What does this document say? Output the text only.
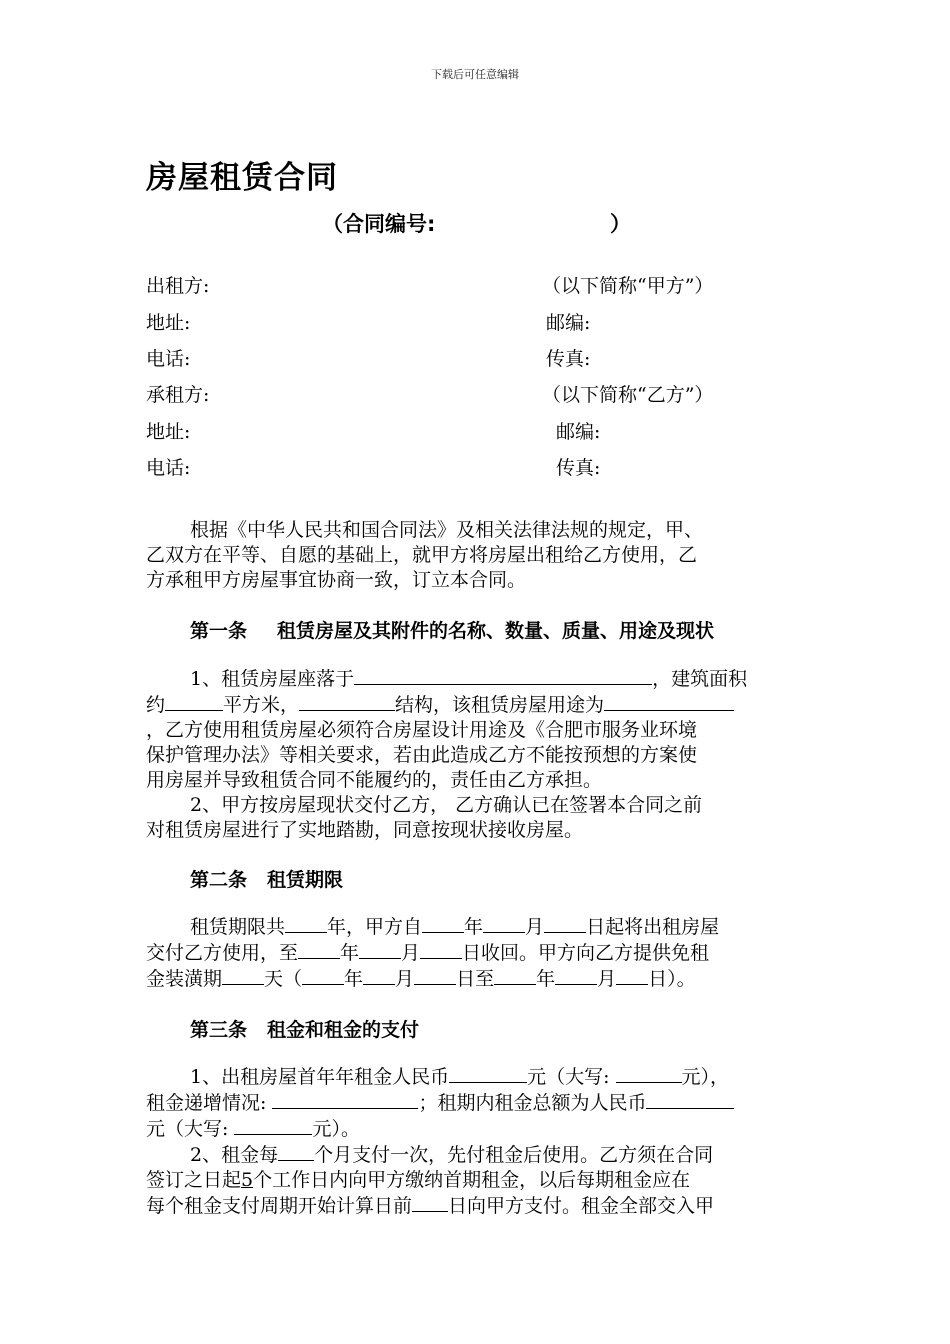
下载后可任意编辑
房屋租赁合同
（合同编号:	）
出租方:	（以下简称“甲方”）
地址:	邮编:
电话:	传真:
承租方:	（以下简称“乙方”）
地址:	邮编:
电话:	传真:
根据《中华人民共和国合同法》及相关法律法规的规定，甲、
乙双方在平等、自愿的基础上，就甲方将房屋出租给乙方使用，乙
方承租甲方房屋事宜协商一致，订立本合同。
第一条 租赁房屋及其附件的名称、数量、质量、用途及现状
1、租赁房屋座落于	，建筑面积
约	平方米，	结构，该租赁房屋用途为
，乙方使用租赁房屋必须符合房屋设计用途及《合肥市服务业环境
保护管理办法》等相关要求，若由此造成乙方不能按预想的方案使
用房屋并导致租赁合同不能履约的，责任由乙方承担。
2、甲方按房屋现状交付乙方， 乙方确认已在签署本合同之前
对租赁房屋进行了实地踏勘，同意按现状接收房屋。
第二条 租赁期限
租赁期限共 年，甲方自 年 月 日起将出租房屋
交付乙方使用，至 年 月 日收回。甲方向乙方提供免租
金装潢期 天（ 年 月 日至 年 月 日）。
第三条 租金和租金的支付
1、出租房屋首年年租金人民币	元（大写:	元），
租金递增情况:	；租期内租金总额为人民币
元（大写:	元）。
2、租金每 个月支付一次，先付租金后使用。乙方须在合同
签订之日起5个工作日内向甲方缴纳首期租金，以后每期租金应在
每个租金支付周期开始计算日前 日向甲方支付。租金全部交入甲
